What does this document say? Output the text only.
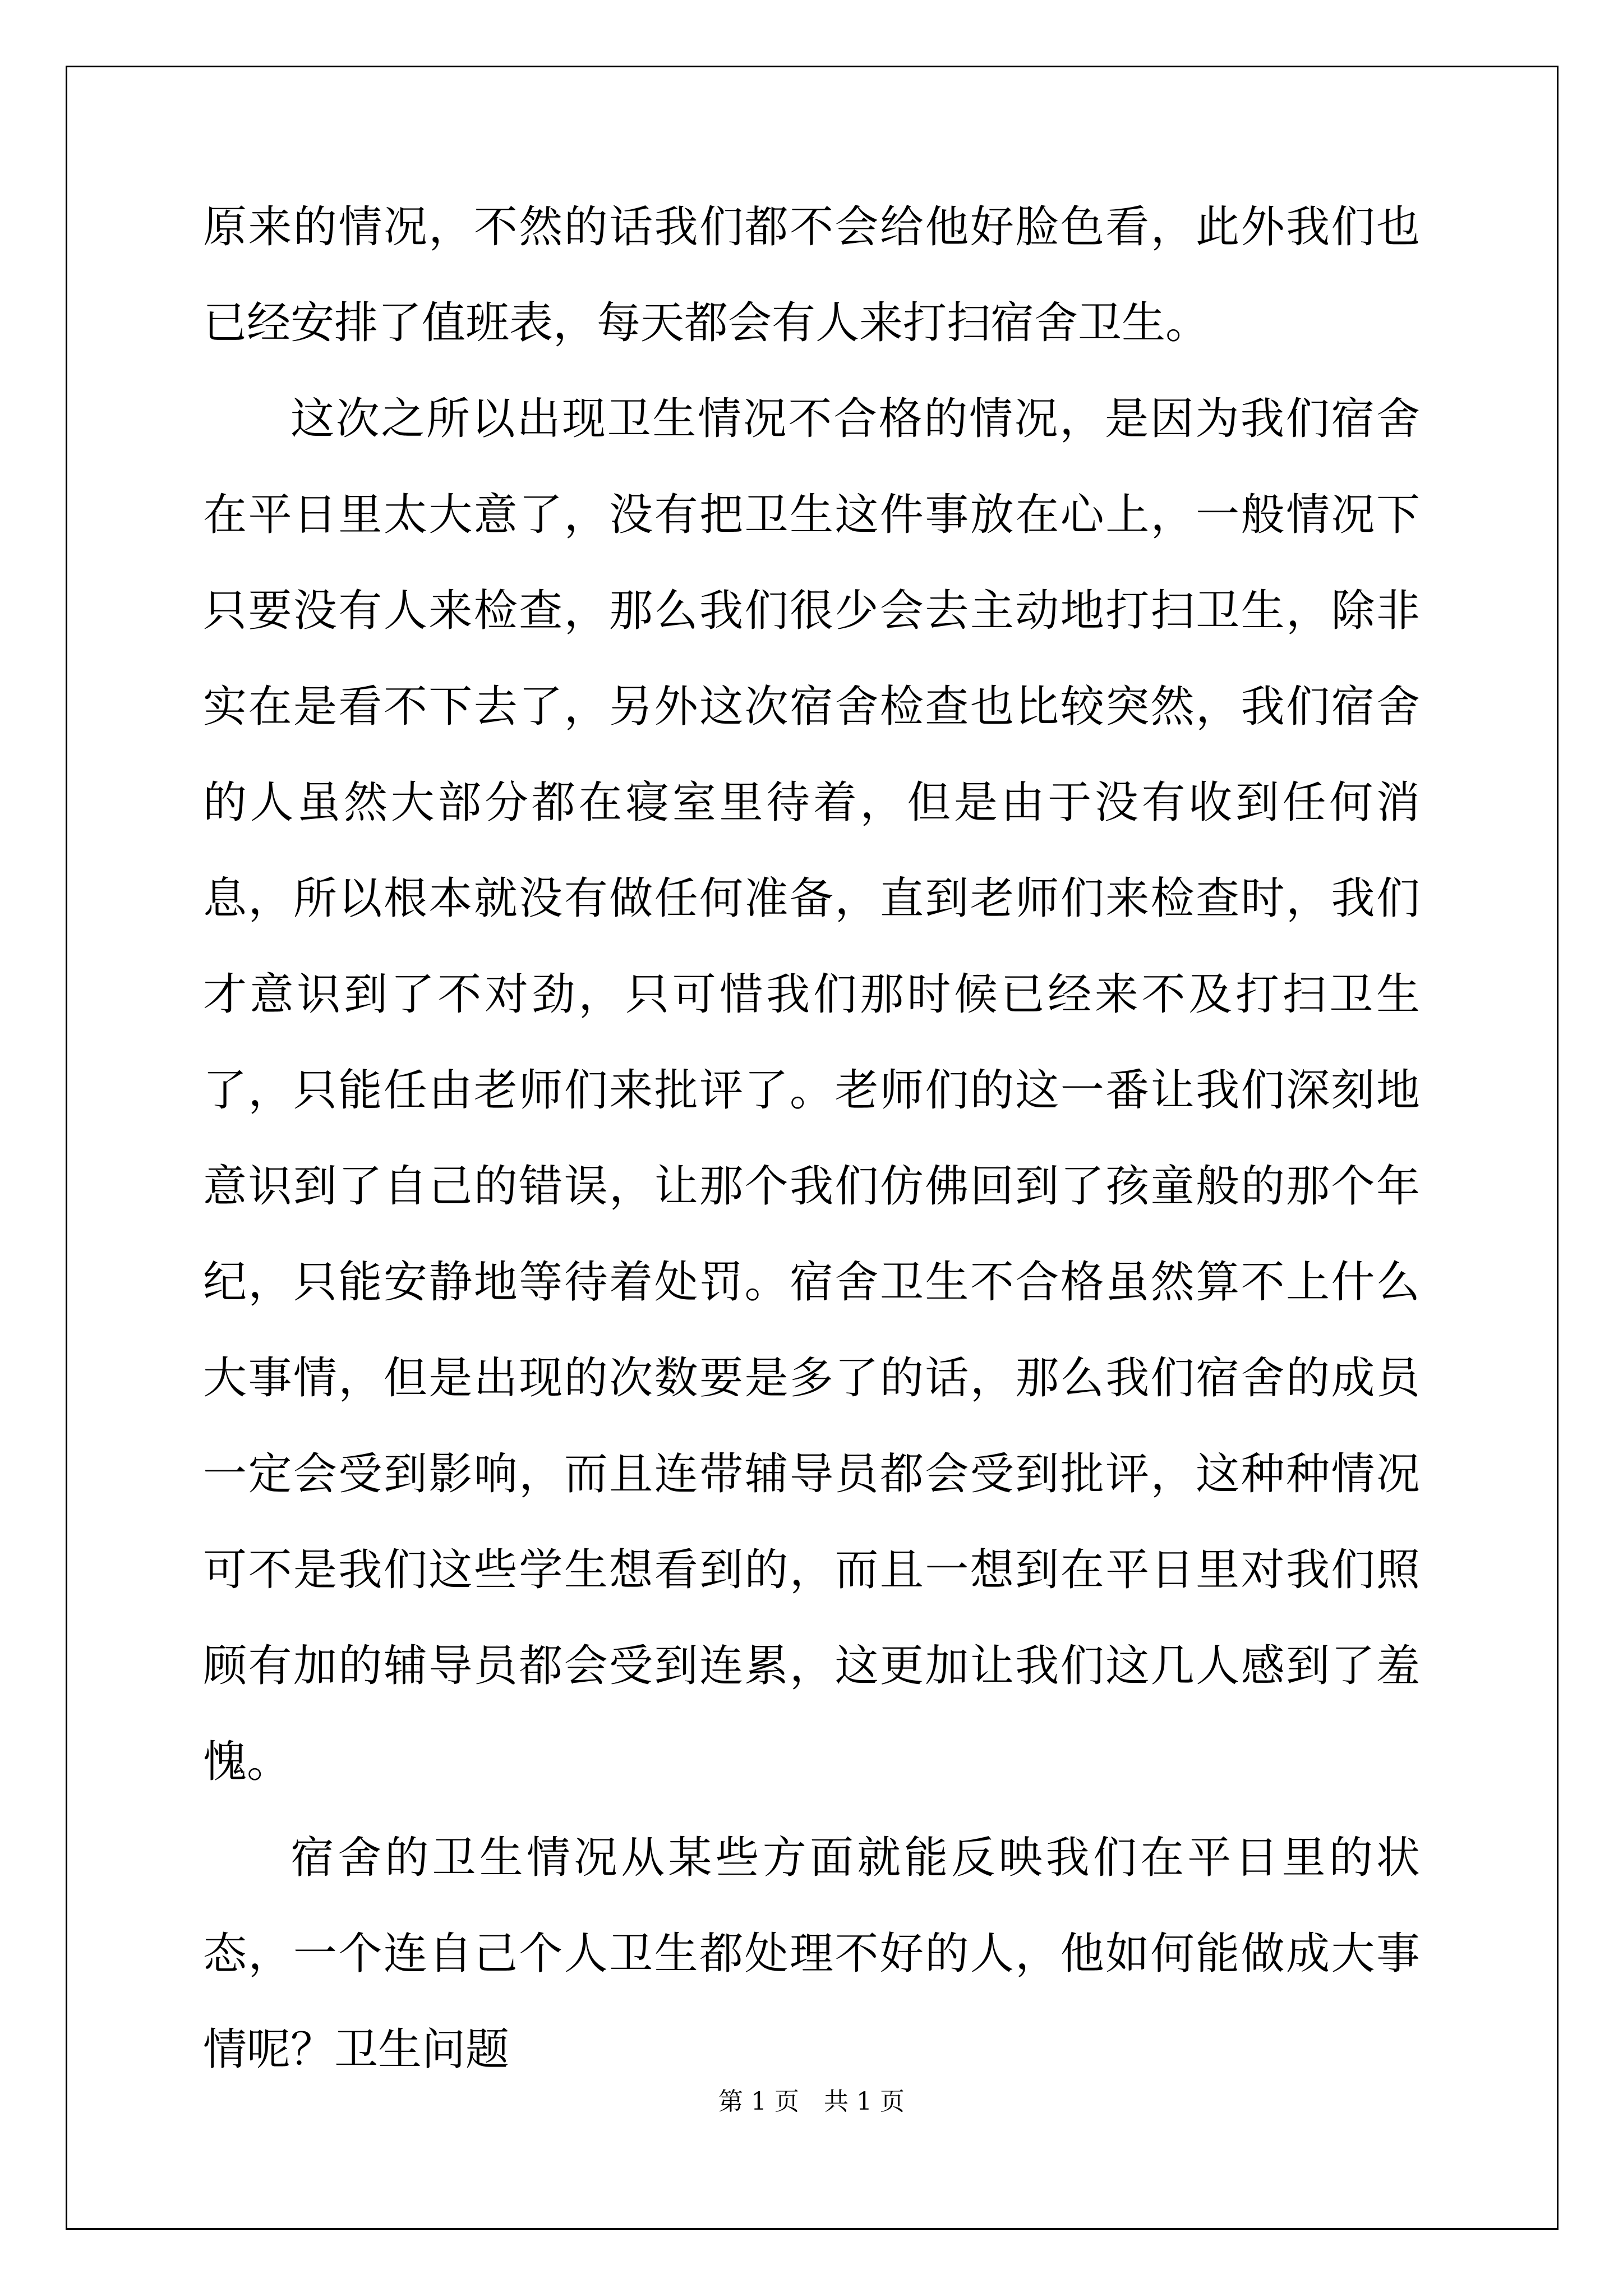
原来的情况，不然的话我们都不会给他好脸色看，此外我们也已经安排了值班表，每天都会有人来打扫宿舍卫生。

这次之所以出现卫生情况不合格的情况，是因为我们宿舍在平日里太大意了，没有把卫生这件事放在心上，一般情况下只要没有人来检查，那么我们很少会去主动地打扫卫生，除非实在是看不下去了，另外这次宿舍检查也比较突然，我们宿舍的人虽然大部分都在寝室里待着，但是由于没有收到任何消息，所以根本就没有做任何准备，直到老师们来检查时，我们才意识到了不对劲，只可惜我们那时候已经来不及打扫卫生了，只能任由老师们来批评了。老师们的这一番让我们深刻地意识到了自己的错误，让那个我们仿佛回到了孩童般的那个年纪，只能安静地等待着处罚。宿舍卫生不合格虽然算不上什么大事情，但是出现的次数要是多了的话，那么我们宿舍的成员一定会受到影响，而且连带辅导员都会受到批评，这种种情况可不是我们这些学生想看到的，而且一想到在平日里对我们照顾有加的辅导员都会受到连累，这更加让我们这几人感到了羞愧。

宿舍的卫生情况从某些方面就能反映我们在平日里的状态，一个连自己个人卫生都处理不好的人，他如何能做成大事情呢？卫生问题

第 1 页　共 1 页
